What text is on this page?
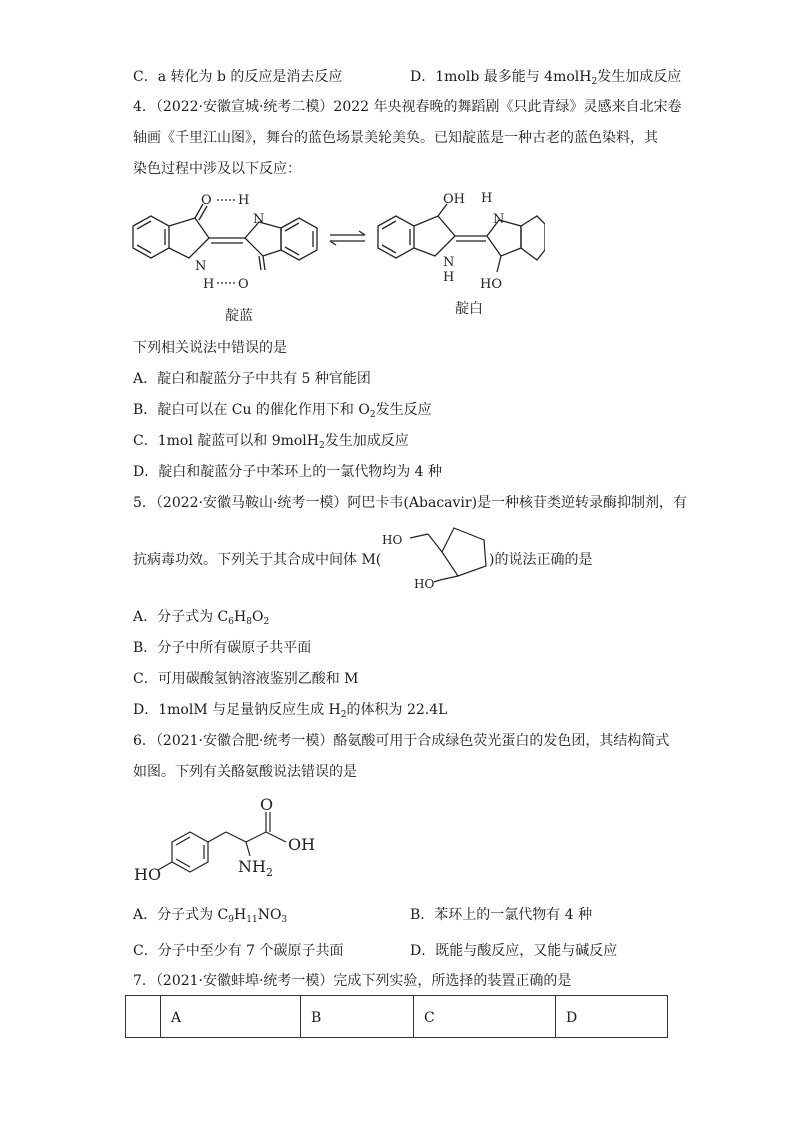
C．a 转化为 b 的反应是消去反应	D．1molb 最多能与 4molH$_2$发生加成反应
4．（2022·安徽宣城·统考二模）2022 年央视春晚的舞蹈剧《只此青绿》灵感来自北宋卷
轴画《千里江山图》，舞台的蓝色场景美轮美奂。已知靛蓝是一种古老的蓝色染料，其
染色过程中涉及以下反应：
O H
N
N
H O
OH H
N
N
H HO
靛蓝	靛白
下列相关说法中错误的是
A．靛白和靛蓝分子中共有 5 种官能团
B．靛白可以在 Cu 的催化作用下和 $O_2$发生反应
C．1mol 靛蓝可以和 9molH$_2$发生加成反应
D．靛白和靛蓝分子中苯环上的一氯代物均为 4 种
5．（2022·安徽马鞍山·统考一模）阿巴卡韦(Abacavir)是一种核苷类逆转录酶抑制剂，有
抗病毒功效。下列关于其合成中间体 M(
HO
HO
)的说法正确的是
A．分子式为 $C_6H_8O_2$
B．分子中所有碳原子共平面
C．可用碳酸氢钠溶液鉴别乙酸和 M
D．1molM 与足量钠反应生成 $H_2$的体积为 22.4L
6．（2021·安徽合肥·统考一模）酪氨酸可用于合成绿色荧光蛋白的发色团，其结构简式
如图。下列有关酪氨酸说法错误的是
O
OH
$NH_2$
HO
A．分子式为 $C_9H_{11}NO_3$	B．苯环上的一氯代物有 4 种
C．分子中至少有 7 个碳原子共面	D．既能与酸反应，又能与碱反应
7．（2021·安徽蚌埠·统考一模）完成下列实验，所选择的装置正确的是
	A	B	C	D
